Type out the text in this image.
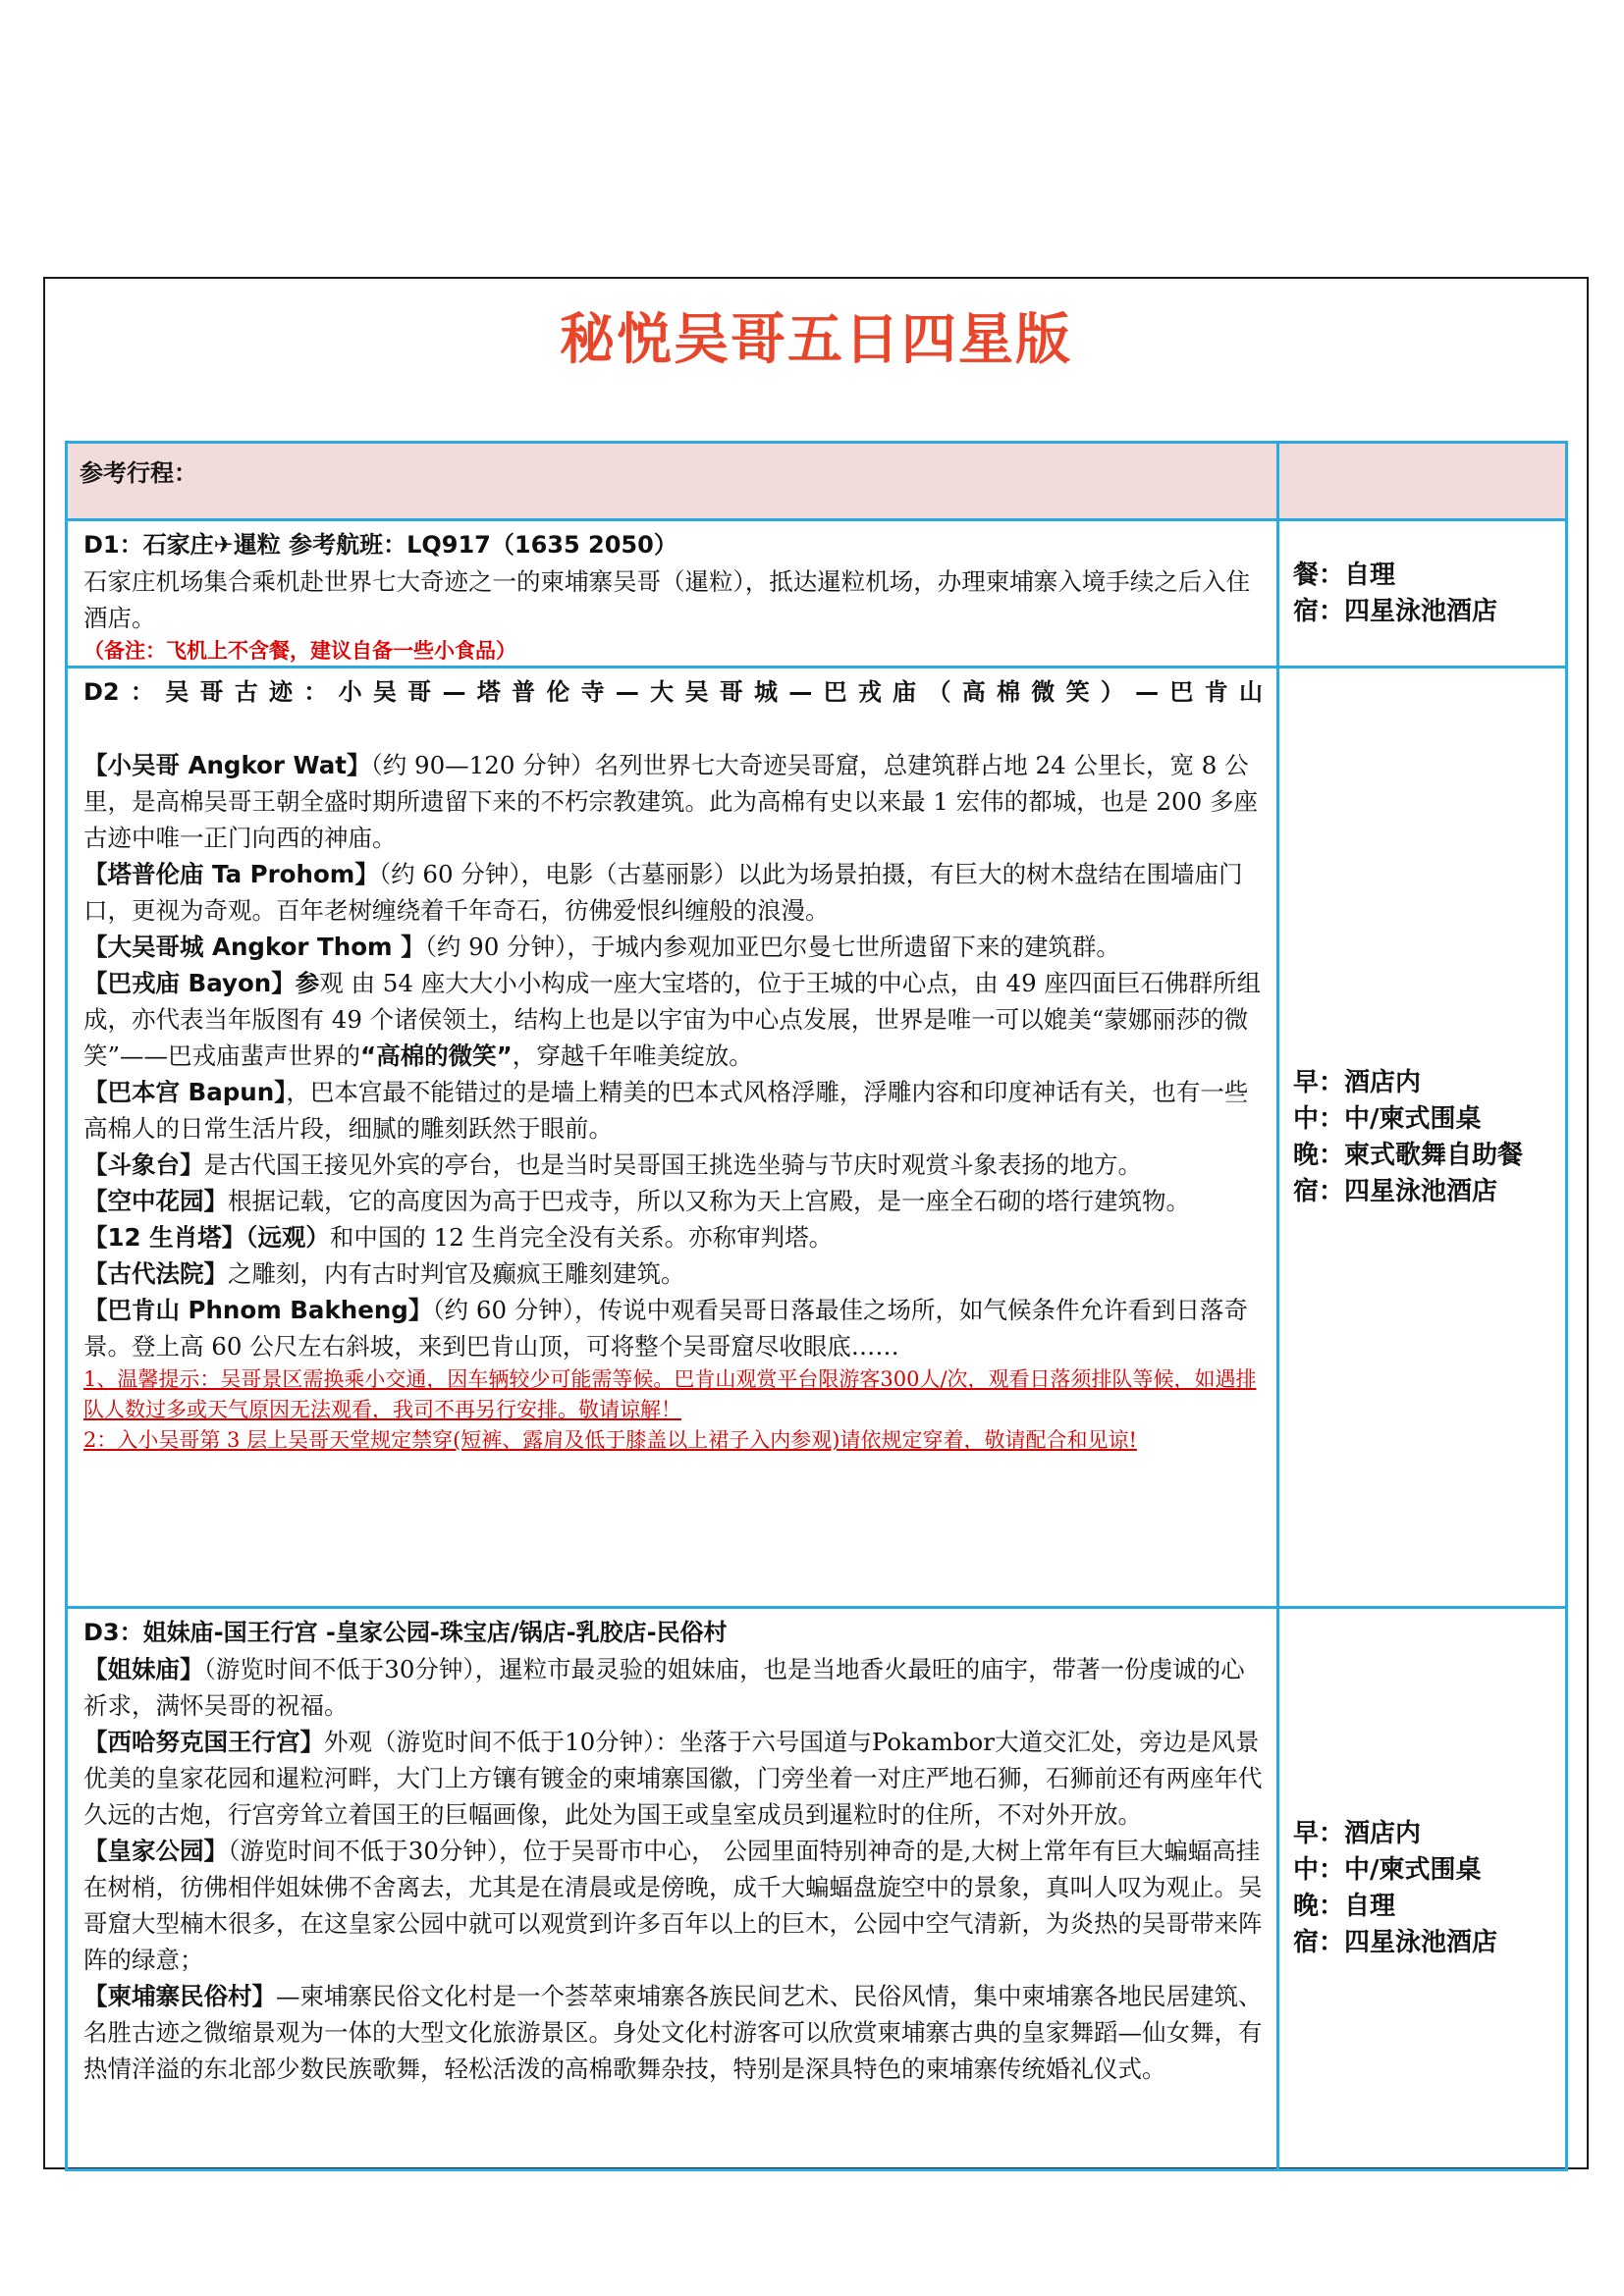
秘悦吴哥五日四星版
参考行程：

D1：石家庄✈暹粒 参考航班：LQ917（1635 2050）

石家庄机场集合乘机赴世界七大奇迹之一的柬埔寨吴哥（暹粒），抵达暹粒机场，办理柬埔寨入境手续之后入住酒店。

（备注：飞机上不含餐，建议自备一些小食品）

餐：自理
宿：四星泳池酒店

D2：吴哥古迹：小吴哥—塔普伦寺—大吴哥城—巴戎庙（高棉微笑）—巴肯山

【小吴哥 Angkor Wat】（约 90—120 分钟）名列世界七大奇迹吴哥窟，总建筑群占地 24 公里长，宽 8 公里，是高棉吴哥王朝全盛时期所遗留下来的不朽宗教建筑。此为高棉有史以来最 1 宏伟的都城，也是 200 多座古迹中唯一正门向西的神庙。

【塔普伦庙 Ta Prohom】（约 60 分钟），电影（古墓丽影）以此为场景拍摄，有巨大的树木盘结在围墙庙门口，更视为奇观。百年老树缠绕着千年奇石，彷佛爱恨纠缠般的浪漫。

【大吴哥城 Angkor Thom 】（约 90 分钟），于城内参观加亚巴尔曼七世所遗留下来的建筑群。

【巴戎庙 Bayon】参观 由 54 座大大小小构成一座大宝塔的，位于王城的中心点，由 49 座四面巨石佛群所组成，亦代表当年版图有 49 个诸侯领土，结构上也是以宇宙为中心点发展，世界是唯一可以媲美“蒙娜丽莎的微笑”——巴戎庙蜚声世界的“高棉的微笑”，穿越千年唯美绽放。

【巴本宫 Bapun】，巴本宫最不能错过的是墙上精美的巴本式风格浮雕，浮雕内容和印度神话有关，也有一些高棉人的日常生活片段，细腻的雕刻跃然于眼前。

【斗象台】是古代国王接见外宾的亭台，也是当时吴哥国王挑选坐骑与节庆时观赏斗象表扬的地方。

【空中花园】根据记载，它的高度因为高于巴戎寺，所以又称为天上宫殿，是一座全石砌的塔行建筑物。

【12 生肖塔】（远观）和中国的 12 生肖完全没有关系。亦称审判塔。

【古代法院】之雕刻，内有古时判官及癫疯王雕刻建筑。

【巴肯山 Phnom Bakheng】（约 60 分钟），传说中观看吴哥日落最佳之场所，如气候条件允许看到日落奇景。登上高 60 公尺左右斜坡，来到巴肯山顶，可将整个吴哥窟尽收眼底……

1、温馨提示：吴哥景区需换乘小交通，因车辆较少可能需等候。巴肯山观赏平台限游客300人/次，观看日落须排队等候，如遇排队人数过多或天气原因无法观看，我司不再另行安排。敬请谅解！

2：入小吴哥第 3 层上吴哥天堂规定禁穿(短裤、露肩及低于膝盖以上裙子入内参观)请依规定穿着，敬请配合和见谅!

早：酒店内
中：中/柬式围桌
晚：柬式歌舞自助餐
宿：四星泳池酒店

D3：姐妹庙-国王行宫 -皇家公园-珠宝店/锅店-乳胶店-民俗村

【姐妹庙】（游览时间不低于30分钟），暹粒市最灵验的姐妹庙，也是当地香火最旺的庙宇，带著一份虔诚的心祈求，满怀吴哥的祝福。

【西哈努克国王行宫】外观（游览时间不低于10分钟）：坐落于六号国道与Pokambor大道交汇处，旁边是风景优美的皇家花园和暹粒河畔，大门上方镶有镀金的柬埔寨国徽，门旁坐着一对庄严地石狮，石狮前还有两座年代久远的古炮，行宫旁耸立着国王的巨幅画像，此处为国王或皇室成员到暹粒时的住所，不对外开放。

【皇家公园】（游览时间不低于30分钟），位于吴哥市中心， 公园里面特别神奇的是,大树上常年有巨大蝙蝠高挂在树梢，彷佛相伴姐妹佛不舍离去，尤其是在清晨或是傍晚，成千大蝙蝠盘旋空中的景象，真叫人叹为观止。吴哥窟大型楠木很多，在这皇家公园中就可以观赏到许多百年以上的巨木，公园中空气清新，为炎热的吴哥带来阵阵的绿意；

【柬埔寨民俗村】—柬埔寨民俗文化村是一个荟萃柬埔寨各族民间艺术、民俗风情，集中柬埔寨各地民居建筑、名胜古迹之微缩景观为一体的大型文化旅游景区。身处文化村游客可以欣赏柬埔寨古典的皇家舞蹈—仙女舞，有热情洋溢的东北部少数民族歌舞，轻松活泼的高棉歌舞杂技，特别是深具特色的柬埔寨传统婚礼仪式。

早：酒店内
中：中/柬式围桌
晚：自理
宿：四星泳池酒店
